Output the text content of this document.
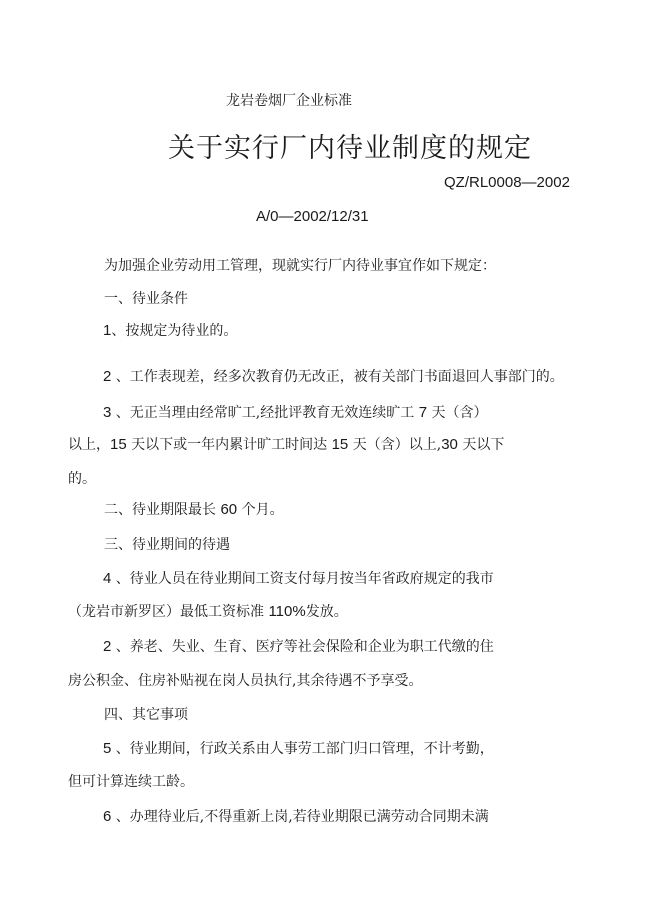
龙岩卷烟厂企业标准
关于实行厂内待业制度的规定
QZ/RL0008—2002
A/0—2002/12/31
为加强企业劳动用工管理，现就实行厂内待业事宜作如下规定：
一、待业条件
1、按规定为待业的。
2 、工作表现差，经多次教育仍无改正，被有关部门书面退回人事部门的。
3 、无正当理由经常旷工,经批评教育无效连续旷工 7 天（含）
以上，15 天以下或一年内累计旷工时间达 15 天（含）以上,30 天以下
的。
二、待业期限最长 60 个月。
三、待业期间的待遇
4 、待业人员在待业期间工资支付每月按当年省政府规定的我市
（龙岩市新罗区）最低工资标准 110%发放。
2 、养老、失业、生育、医疗等社会保险和企业为职工代缴的住
房公积金、住房补贴视在岗人员执行,其余待遇不予享受。
四、其它事项
5 、待业期间，行政关系由人事劳工部门归口管理，不计考勤，
但可计算连续工龄。
6 、办理待业后,不得重新上岗,若待业期限已满劳动合同期未满
